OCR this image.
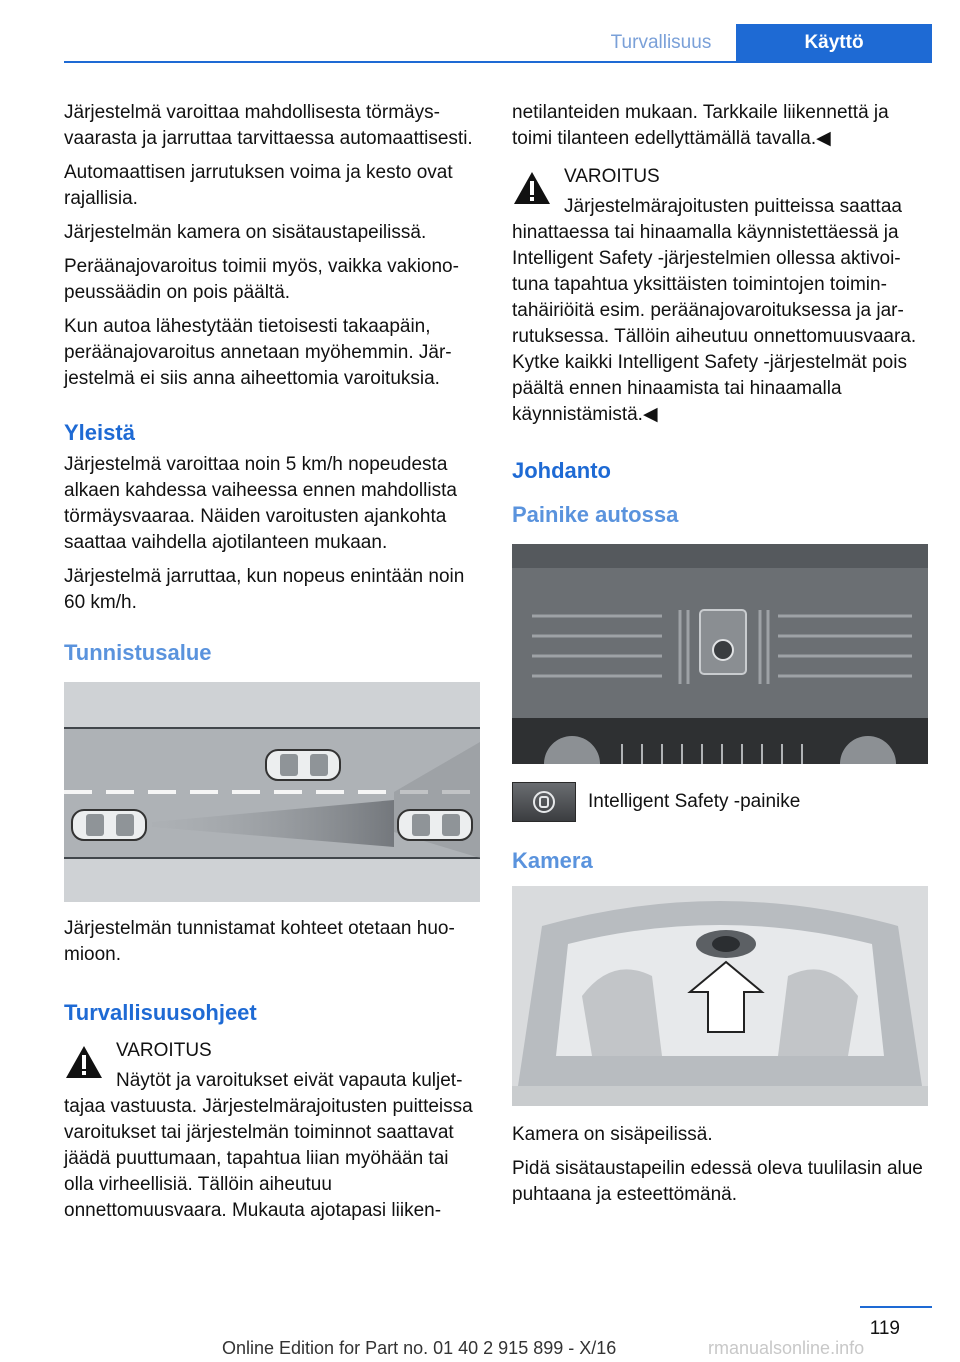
Turvallisuus	Käyttö

Järjestelmä varoittaa mahdollisesta törmäysvaarasta ja jarruttaa tarvittaessa automaattisesti.

Automaattisen jarrutuksen voima ja kesto ovat rajallisia.

Järjestelmän kamera on sisätaustapeilissä.

Peräänajovaroitus toimii myös, vaikka vakionopeussäädin on pois päältä.

Kun autoa lähestytään tietoisesti takaapäin, peräänajovaroitus annetaan myöhemmin. Järjestelmä ei siis anna aiheettomia varoituksia.

Yleistä

Järjestelmä varoittaa noin 5 km/h nopeudesta alkaen kahdessa vaiheessa ennen mahdollista törmäysvaaraa. Näiden varoitusten ajankohta saattaa vaihdella ajotilanteen mukaan.

Järjestelmä jarruttaa, kun nopeus enintään noin 60 km/h.

Tunnistusalue

Järjestelmän tunnistamat kohteet otetaan huomioon.

Turvallisuusohjeet

VAROITUS

Näytöt ja varoitukset eivät vapauta kuljettajaa vastuusta. Järjestelmärajoitusten puitteissa varoitukset tai järjestelmän toiminnot saattavat jäädä puuttumaan, tapahtua liian myöhään tai olla virheellisiä. Tällöin aiheutuu onnettomuusvaara. Mukauta ajotapasi liiken-

netilanteiden mukaan. Tarkkaile liikennettä ja toimi tilanteen edellyttämällä tavalla.◀

VAROITUS

Järjestelmärajoitusten puitteissa saattaa hinattaessa tai hinaamalla käynnistettäessä ja Intelligent Safety -järjestelmien ollessa aktivoituna tapahtua yksittäisten toimintojen toimintahäiriöitä esim. peräänajovaroituksessa ja jarrutuksessa. Tällöin aiheutuu onnettomuusvaara. Kytke kaikki Intelligent Safety -järjestelmät pois päältä ennen hinaamista tai hinaamalla käynnistämistä.◀

Johdanto
Painike autossa

Intelligent Safety -painike

Kamera

Kamera on sisäpeilissä.

Pidä sisätaustapeilin edessä oleva tuulilasin alue puhtaana ja esteettömänä.

119
Online Edition for Part no. 01 40 2 915 899 - X/16	rmanualsonline.info
